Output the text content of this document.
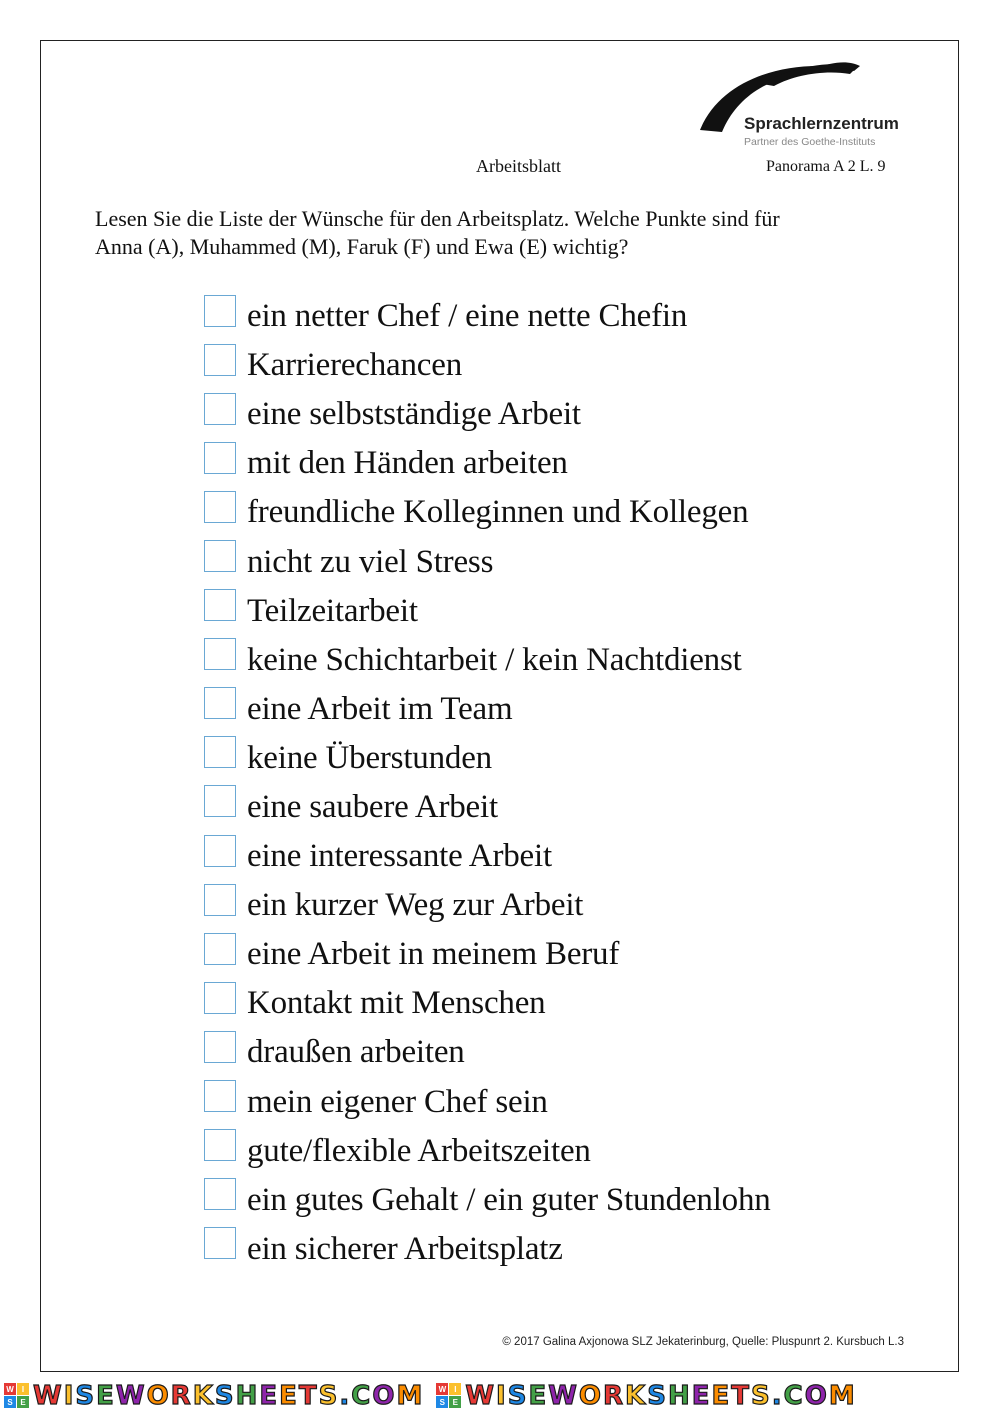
Sprachlernzentrum
Partner des Goethe-Instituts
Arbeitsblatt	Panorama A 2 L. 9
Lesen Sie die Liste der Wünsche für den Arbeitsplatz. Welche Punkte sind für
Anna (A), Muhammed (M), Faruk (F) und Ewa (E) wichtig?
ein netter Chef / eine nette Chefin
Karrierechancen
eine selbstständige Arbeit
mit den Händen arbeiten
freundliche Kolleginnen und Kollegen
nicht zu viel Stress
Teilzeitarbeit
keine Schichtarbeit / kein Nachtdienst
eine Arbeit im Team
keine Überstunden
eine saubere Arbeit
eine interessante Arbeit
ein kurzer Weg zur Arbeit
eine Arbeit in meinem Beruf
Kontakt mit Menschen
draußen arbeiten
mein eigener Chef sein
gute/flexible Arbeitszeiten
ein gutes Gehalt / ein guter Stundenlohn
ein sicherer Arbeitsplatz
© 2017 Galina Axjonowa SLZ Jekaterinburg, Quelle: Pluspunrt 2. Kursbuch L.3
W	I
S E WISEWORKSHEETS.COM W	I
S E WISEWORKSHEETS.COM
